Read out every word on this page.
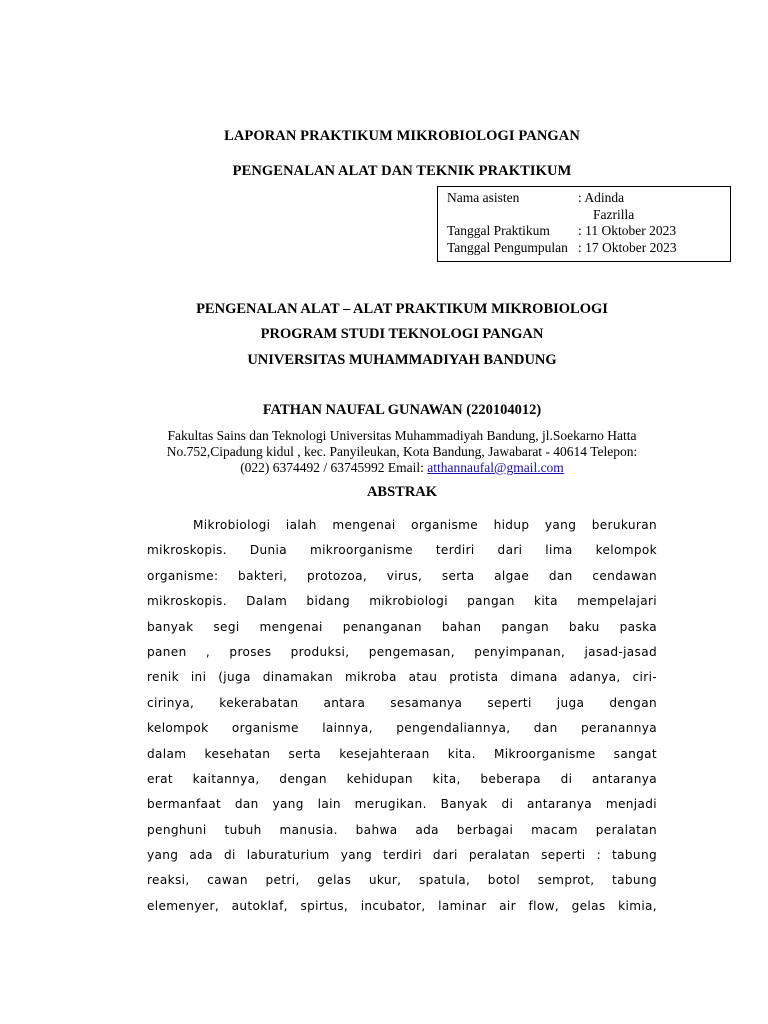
LAPORAN PRAKTIKUM MIKROBIOLOGI PANGAN
PENGENALAN ALAT DAN TEKNIK PRAKTIKUM
Nama asisten	: Adinda
Fazrilla
Tanggal Praktikum	: 11 Oktober 2023
Tanggal Pengumpulan : 17 Oktober 2023
PENGENALAN ALAT – ALAT PRAKTIKUM MIKROBIOLOGI
PROGRAM STUDI TEKNOLOGI PANGAN
UNIVERSITAS MUHAMMADIYAH BANDUNG
FATHAN NAUFAL GUNAWAN (220104012)
Fakultas Sains dan Teknologi Universitas Muhammadiyah Bandung, jl.Soekarno Hatta
No.752,Cipadung kidul , kec. Panyileukan, Kota Bandung, Jawabarat - 40614 Telepon:
(022) 6374492 / 63745992 Email: atthannaufal@gmail.com
ABSTRAK
Mikrobiologi ialah mengenai organisme hidup yang berukuran
mikroskopis. Dunia mikroorganisme terdiri dari lima kelompok
organisme: bakteri, protozoa, virus, serta algae dan cendawan
mikroskopis. Dalam bidang mikrobiologi pangan kita mempelajari
banyak segi mengenai penanganan bahan pangan baku paska
panen , proses produksi, pengemasan, penyimpanan, jasad-jasad
renik ini (juga dinamakan mikroba atau protista dimana adanya, ciri-
cirinya, kekerabatan antara sesamanya seperti juga dengan
kelompok organisme lainnya, pengendaliannya, dan peranannya
dalam kesehatan serta kesejahteraan kita. Mikroorganisme sangat
erat kaitannya, dengan kehidupan kita, beberapa di antaranya
bermanfaat dan yang lain merugikan. Banyak di antaranya menjadi
penghuni tubuh manusia. bahwa ada berbagai macam peralatan
yang ada di laburaturium yang terdiri dari peralatan seperti : tabung
reaksi, cawan petri, gelas ukur, spatula, botol semprot, tabung
elemenyer, autoklaf, spirtus, incubator, laminar air flow, gelas kimia,
